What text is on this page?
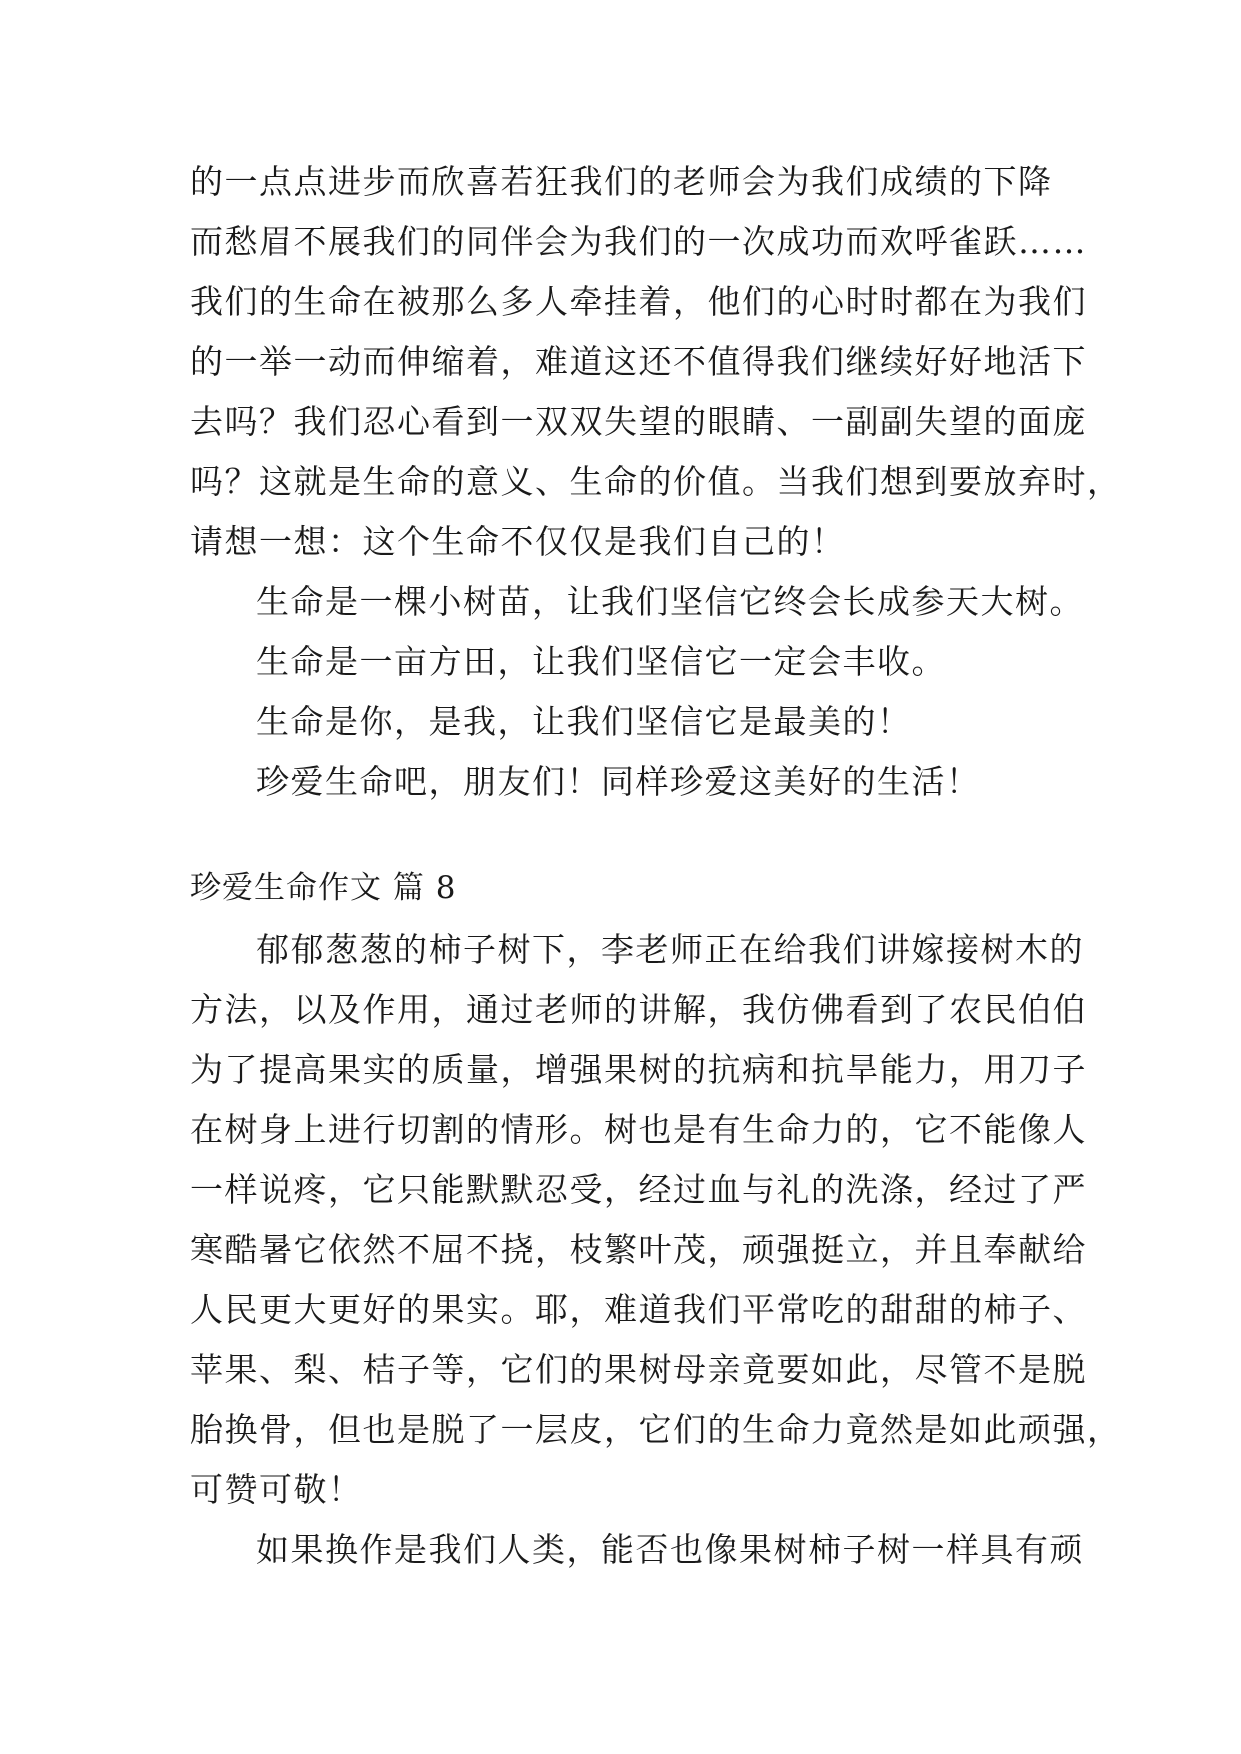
的一点点进步而欣喜若狂我们的老师会为我们成绩的下降
而愁眉不展我们的同伴会为我们的一次成功而欢呼雀跃……
我们的生命在被那么多人牵挂着，他们的心时时都在为我们
的一举一动而伸缩着，难道这还不值得我们继续好好地活下
去吗？我们忍心看到一双双失望的眼睛、一副副失望的面庞
吗？这就是生命的意义、生命的价值。当我们想到要放弃时，
请想一想：这个生命不仅仅是我们自己的！
生命是一棵小树苗，让我们坚信它终会长成参天大树。
生命是一亩方田，让我们坚信它一定会丰收。
生命是你，是我，让我们坚信它是最美的！
珍爱生命吧，朋友们！同样珍爱这美好的生活！
珍爱生命作文 篇 8
郁郁葱葱的柿子树下，李老师正在给我们讲嫁接树木的
方法，以及作用，通过老师的讲解，我仿佛看到了农民伯伯
为了提高果实的质量，增强果树的抗病和抗旱能力，用刀子
在树身上进行切割的情形。树也是有生命力的，它不能像人
一样说疼，它只能默默忍受，经过血与礼的洗涤，经过了严
寒酷暑它依然不屈不挠，枝繁叶茂，顽强挺立，并且奉献给
人民更大更好的果实。耶，难道我们平常吃的甜甜的柿子、
苹果、梨、桔子等，它们的果树母亲竟要如此，尽管不是脱
胎换骨，但也是脱了一层皮，它们的生命力竟然是如此顽强，
可赞可敬！
如果换作是我们人类，能否也像果树柿子树一样具有顽
